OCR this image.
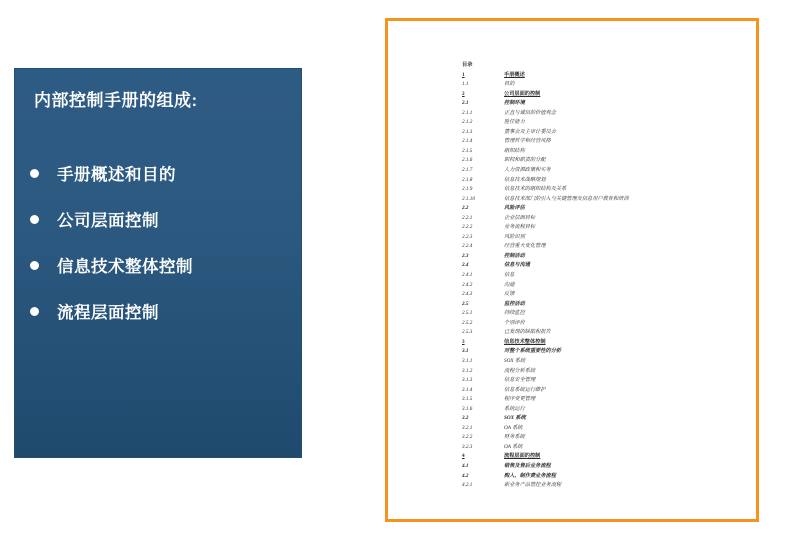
内部控制手册的组成:
手册概述和目的
公司层面控制
信息技术整体控制
流程层面控制
目录
1	手册概述
1.1	目的
2	公司层面的控制
2.1	控制环境
2.1.1	正直与诚信的价值观念
2.1.2	胜任能力
2.1.3	董事会及主审计委员会
2.1.4	管理哲学和经营风格
2.1.5	组织结构
2.1.6	职权和职责的分配
2.1.7	人力资源政策和实务
2.1.8	信息技术战略规划
2.1.9	信息技术的组织结构及关系
2.1.10	信息技术部门的引入与关键管理及信息用户教育和培训
2.2	风险评估
2.2.1	企业层面目标
2.2.2	业务流程目标
2.2.3	风险识别
2.2.4	经营重大变化管理
2.3	控制活动
2.4	信息与沟通
2.4.1	信息
2.4.2	沟通
2.4.3	反馈
2.5	监控活动
2.5.1	持续监控
2.5.2	个别评价
2.5.3	已发现的缺陷和报告
3	信息技术整体控制
3.1	对整个系统重要性的分析
3.1.1	SOX 系统
3.1.2	流程分析系统
3.1.3	信息安全管理
3.1.4	信息系统运行维护
3.1.5	程序变更管理
3.1.6	系统运行
3.2	SOX 系统
3.2.1	OA 系统
3.2.2	财务系统
3.2.3	OA 系统
4	流程层面的控制
4.1	销售及售后业务流程
4.2	购入、制作费业务流程
4.2.1	新业务产品管控业务流程
